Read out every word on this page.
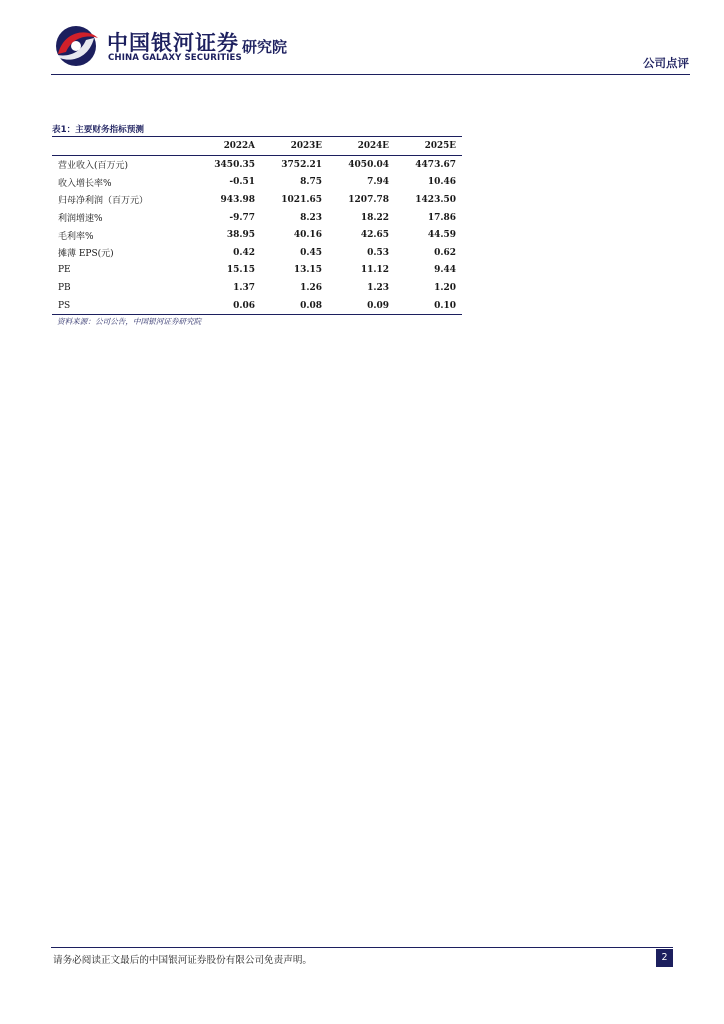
中国银河证券
CHINA GALAXY SECURITIES
研究院
公司点评
表1：主要财务指标预测
	2022A	2023E	2024E	2025E
营业收入(百万元)	3450.35	3752.21	4050.04	4473.67
收入增长率%	-0.51	8.75	7.94	10.46
归母净利润（百万元）	943.98	1021.65	1207.78	1423.50
利润增速%	-9.77	8.23	18.22	17.86
毛利率%	38.95	40.16	42.65	44.59
摊薄 EPS(元)	0.42	0.45	0.53	0.62
PE	15.15	13.15	11.12	9.44
PB	1.37	1.26	1.23	1.20
PS	0.06	0.08	0.09	0.10
资料来源：公司公告，中国银河证券研究院
请务必阅读正文最后的中国银河证券股份有限公司免责声明。	2
